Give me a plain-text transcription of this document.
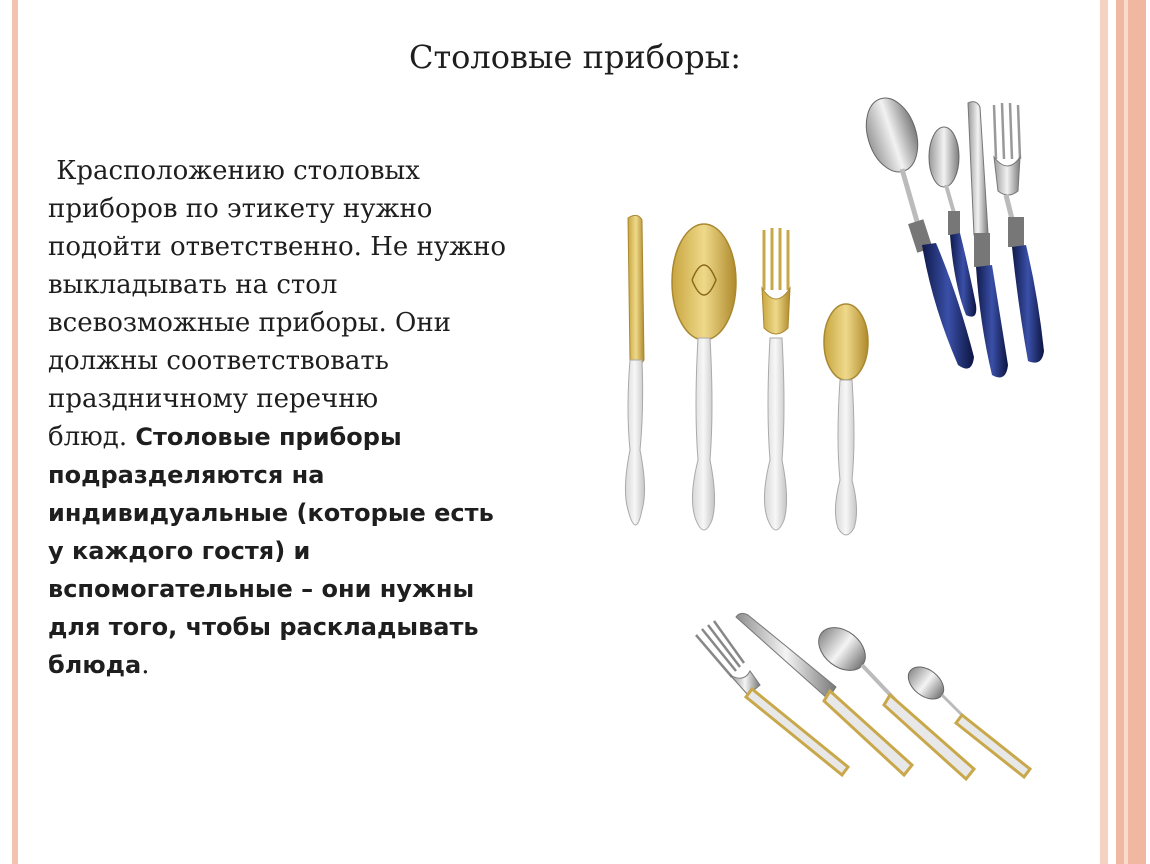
Столовые приборы:
Красположению столовых
приборов по этикету нужно
подойти ответственно. Не нужно
выкладывать на стол
всевозможные приборы. Они
должны соответствовать
праздничному перечню
блюд. Столовые приборы
подразделяются на
индивидуальные (которые есть
у каждого гостя) и
вспомогательные – они нужны
для того, чтобы раскладывать
блюда.
